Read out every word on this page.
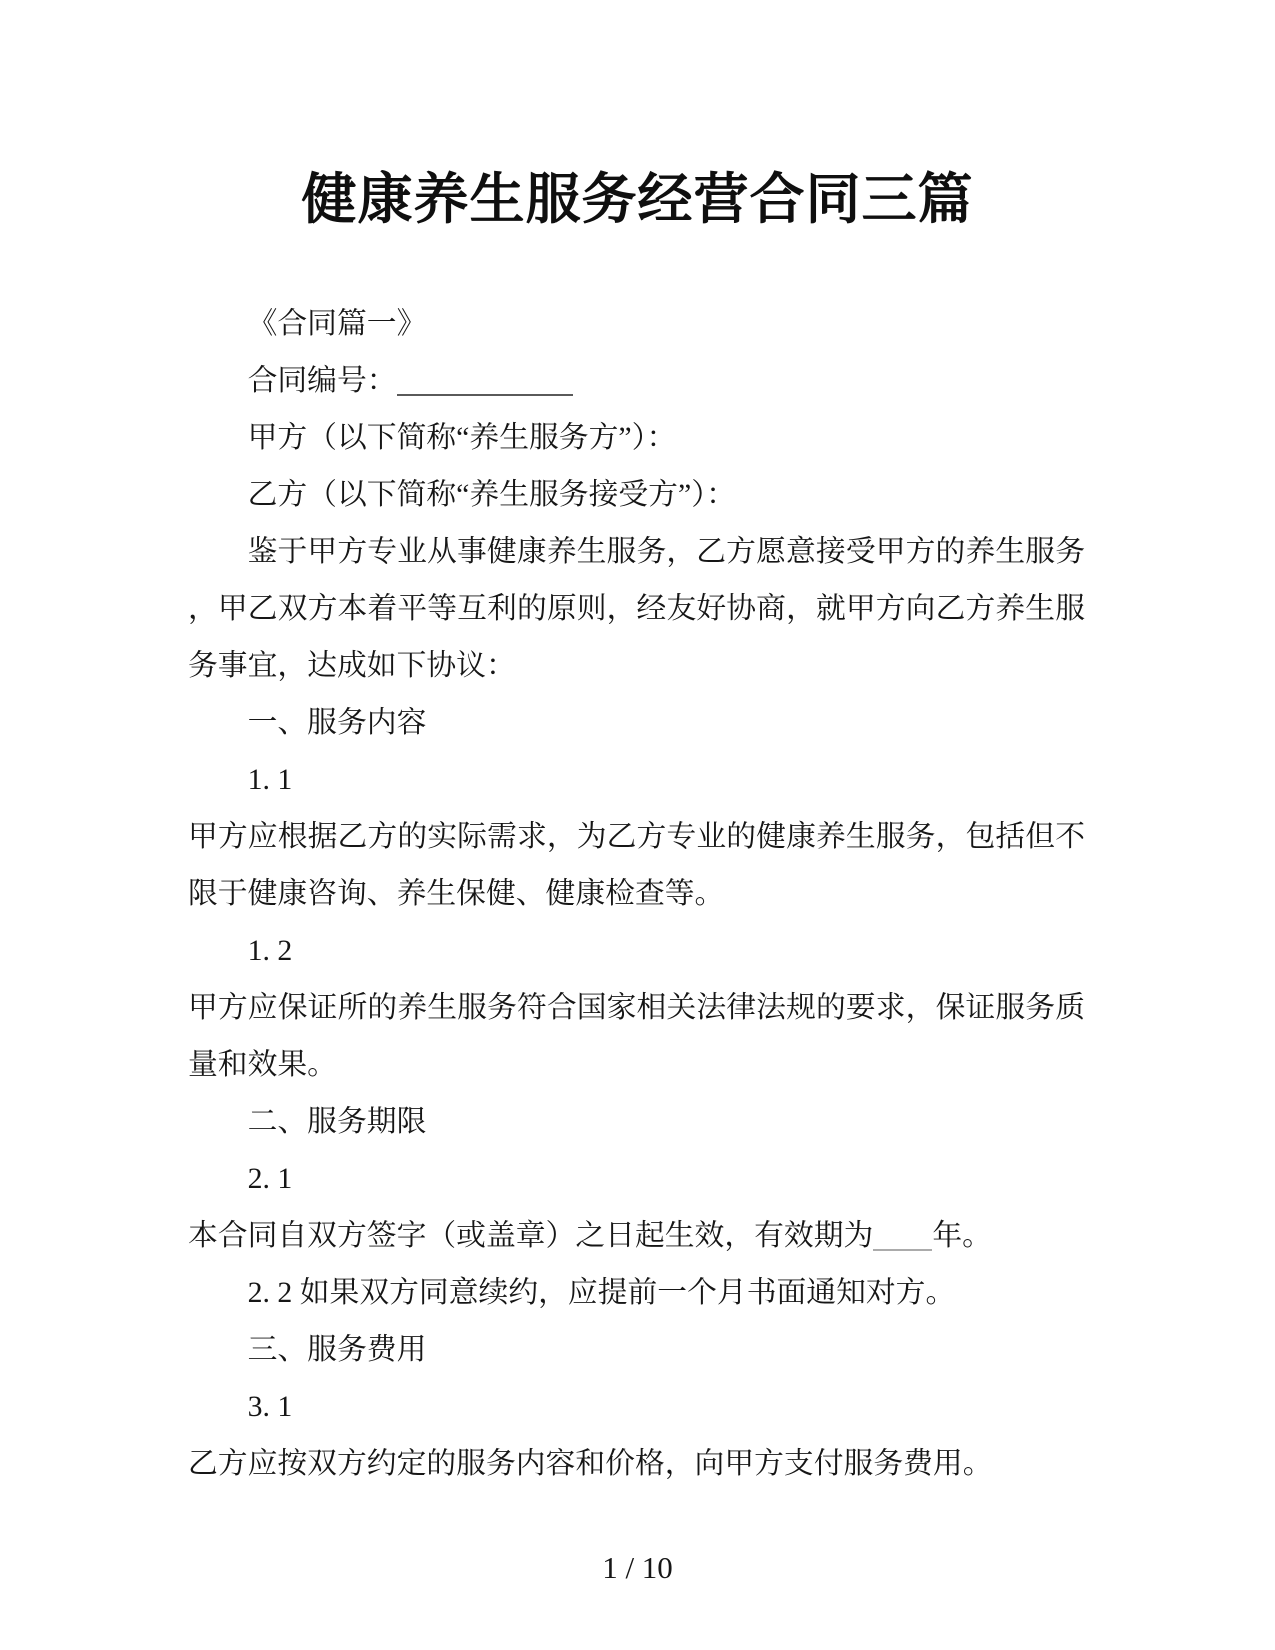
健康养生服务经营合同三篇

《合同篇一》

合同编号：

甲方（以下简称“养生服务方”）：

乙方（以下简称“养生服务接受方”）：

鉴于甲方专业从事健康养生服务，乙方愿意接受甲方的养生服务，甲乙双方本着平等互利的原则，经友好协商，就甲方向乙方养生服务事宜，达成如下协议：

一、服务内容

1. 1

甲方应根据乙方的实际需求，为乙方专业的健康养生服务，包括但不限于健康咨询、养生保健、健康检查等。

1. 2

甲方应保证所的养生服务符合国家相关法律法规的要求，保证服务质量和效果。

二、服务期限

2. 1

本合同自双方签字（或盖章）之日起生效，有效期为 年。

2. 2 如果双方同意续约，应提前一个月书面通知对方。

三、服务费用

3. 1

乙方应按双方约定的服务内容和价格，向甲方支付服务费用。

1 / 10
